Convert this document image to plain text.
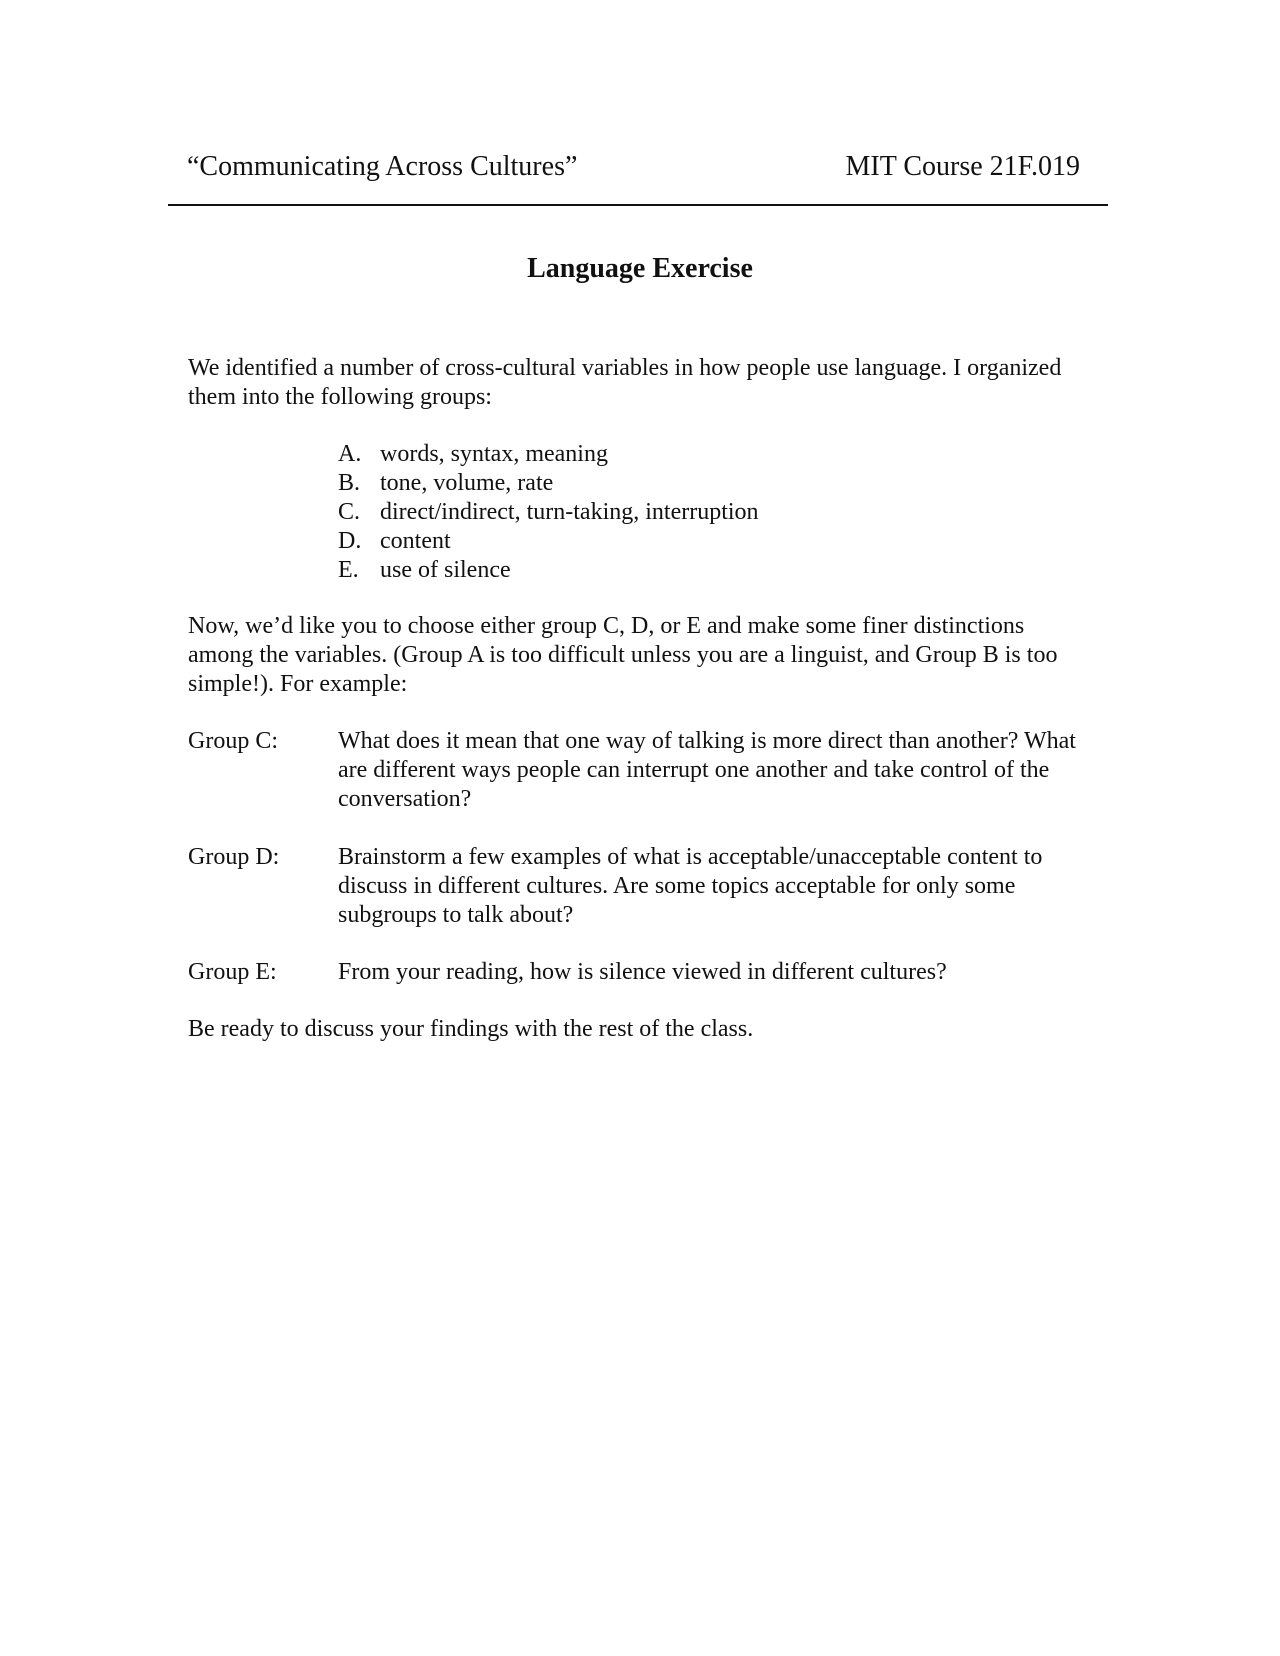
“Communicating Across Cultures”	MIT Course 21F.019
Language Exercise

We identified a number of cross-cultural variables in how people use language. I organized them into the following groups:

A. words, syntax, meaning
B. tone, volume, rate
C. direct/indirect, turn-taking, interruption
D. content
E. use of silence

Now, we’d like you to choose either group C, D, or E and make some finer distinctions among the variables. (Group A is too difficult unless you are a linguist, and Group B is too simple!). For example:

Group C:	What does it mean that one way of talking is more direct than another? What are different ways people can interrupt one another and take control of the conversation?
Group D:	Brainstorm a few examples of what is acceptable/unacceptable content to discuss in different cultures. Are some topics acceptable for only some subgroups to talk about?
Group E:	From your reading, how is silence viewed in different cultures?

Be ready to discuss your findings with the rest of the class.
